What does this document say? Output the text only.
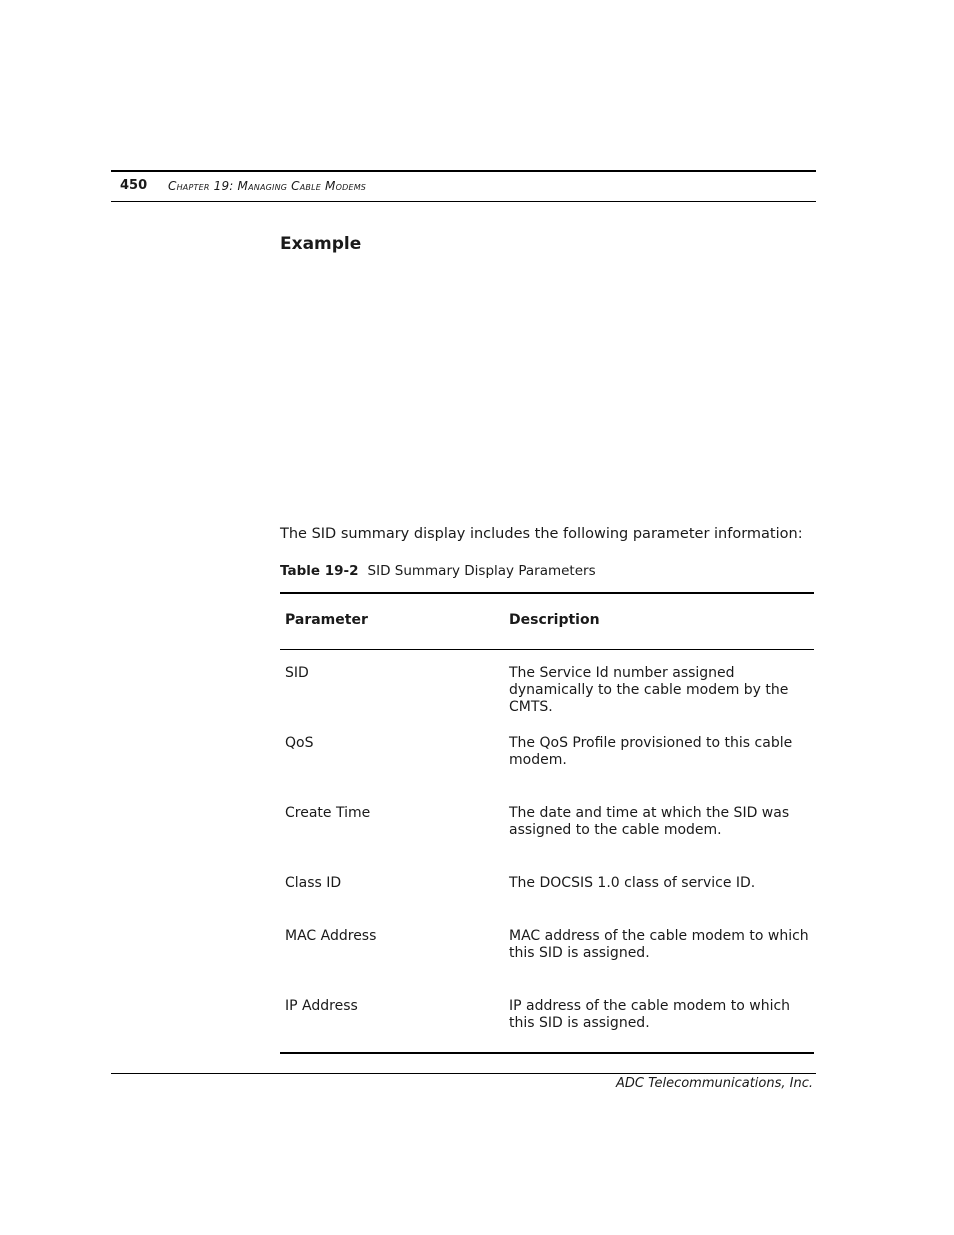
450 Chapter 19: Managing Cable Modems
Example

The SID summary display includes the following parameter information:

Table 19-2 SID Summary Display Parameters
Parameter	Description
SID	The Service Id number assigned dynamically to the cable modem by the CMTS.
QoS	The QoS Profile provisioned to this cable modem.
Create Time	The date and time at which the SID was assigned to the cable modem.
Class ID	The DOCSIS 1.0 class of service ID.
MAC Address	MAC address of the cable modem to which this SID is assigned.
IP Address	IP address of the cable modem to which this SID is assigned.
ADC Telecommunications, Inc.
